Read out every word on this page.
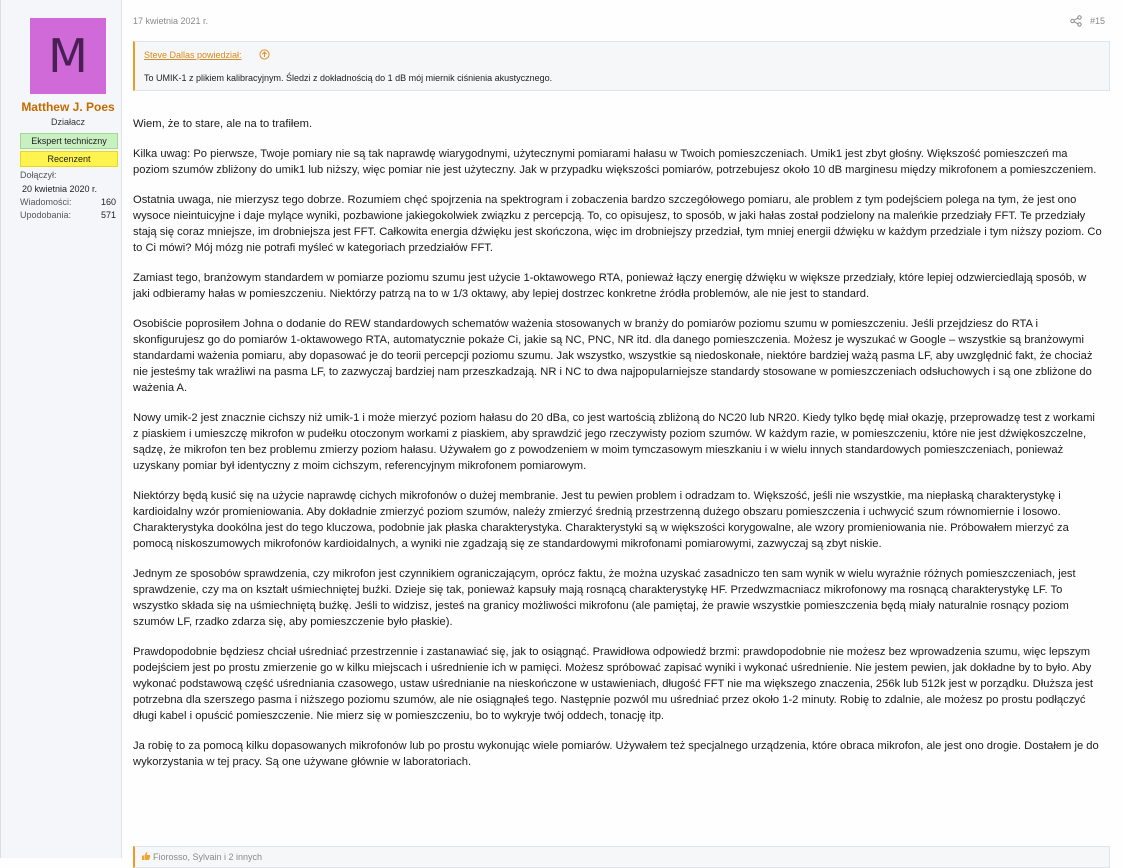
M
Matthew J. Poes
Działacz
Ekspert techniczny
Recenzent
Dołączył:
20 kwietnia 2020 r.
Wiadomości:	160
Upodobania:	571
17 kwietnia 2021 r.	#15
Steve Dallas powiedział:
To UMIK-1 z plikiem kalibracyjnym. Śledzi z dokładnością do 1 dB mój miernik ciśnienia akustycznego.

Wiem, że to stare, ale na to trafiłem.

Kilka uwag: Po pierwsze, Twoje pomiary nie są tak naprawdę wiarygodnymi, użytecznymi pomiarami hałasu w Twoich pomieszczeniach. Umik1 jest zbyt głośny. Większość pomieszczeń ma poziom szumów zbliżony do umik1 lub niższy, więc pomiar nie jest użyteczny. Jak w przypadku większości pomiarów, potrzebujesz około 10 dB marginesu między mikrofonem a pomieszczeniem.

Ostatnia uwaga, nie mierzysz tego dobrze. Rozumiem chęć spojrzenia na spektrogram i zobaczenia bardzo szczegółowego pomiaru, ale problem z tym podejściem polega na tym, że jest ono wysoce nieintuicyjne i daje mylące wyniki, pozbawione jakiegokolwiek związku z percepcją. To, co opisujesz, to sposób, w jaki hałas został podzielony na maleńkie przedziały FFT. Te przedziały stają się coraz mniejsze, im drobniejsza jest FFT. Całkowita energia dźwięku jest skończona, więc im drobniejszy przedział, tym mniej energii dźwięku w każdym przedziale i tym niższy poziom. Co to Ci mówi? Mój mózg nie potrafi myśleć w kategoriach przedziałów FFT.

Zamiast tego, branżowym standardem w pomiarze poziomu szumu jest użycie 1-oktawowego RTA, ponieważ łączy energię dźwięku w większe przedziały, które lepiej odzwierciedlają sposób, w jaki odbieramy hałas w pomieszczeniu. Niektórzy patrzą na to w 1/3 oktawy, aby lepiej dostrzec konkretne źródła problemów, ale nie jest to standard.

Osobiście poprosiłem Johna o dodanie do REW standardowych schematów ważenia stosowanych w branży do pomiarów poziomu szumu w pomieszczeniu. Jeśli przejdziesz do RTA i skonfigurujesz go do pomiarów 1-oktawowego RTA, automatycznie pokaże Ci, jakie są NC, PNC, NR itd. dla danego pomieszczenia. Możesz je wyszukać w Google – wszystkie są branżowymi standardami ważenia pomiaru, aby dopasować je do teorii percepcji poziomu szumu. Jak wszystko, wszystkie są niedoskonałe, niektóre bardziej ważą pasma LF, aby uwzględnić fakt, że chociaż nie jesteśmy tak wrażliwi na pasma LF, to zazwyczaj bardziej nam przeszkadzają. NR i NC to dwa najpopularniejsze standardy stosowane w pomieszczeniach odsłuchowych i są one zbliżone do ważenia A.

Nowy umik-2 jest znacznie cichszy niż umik-1 i może mierzyć poziom hałasu do 20 dBa, co jest wartością zbliżoną do NC20 lub NR20. Kiedy tylko będę miał okazję, przeprowadzę test z workami z piaskiem i umieszczę mikrofon w pudełku otoczonym workami z piaskiem, aby sprawdzić jego rzeczywisty poziom szumów. W każdym razie, w pomieszczeniu, które nie jest dźwiękoszczelne, sądzę, że mikrofon ten bez problemu zmierzy poziom hałasu. Używałem go z powodzeniem w moim tymczasowym mieszkaniu i w wielu innych standardowych pomieszczeniach, ponieważ uzyskany pomiar był identyczny z moim cichszym, referencyjnym mikrofonem pomiarowym.

Niektórzy będą kusić się na użycie naprawdę cichych mikrofonów o dużej membranie. Jest tu pewien problem i odradzam to. Większość, jeśli nie wszystkie, ma niepłaską charakterystykę i kardioidalny wzór promieniowania. Aby dokładnie zmierzyć poziom szumów, należy zmierzyć średnią przestrzenną dużego obszaru pomieszczenia i uchwycić szum równomiernie i losowo. Charakterystyka dookólna jest do tego kluczowa, podobnie jak płaska charakterystyka. Charakterystyki są w większości korygowalne, ale wzory promieniowania nie. Próbowałem mierzyć za pomocą niskoszumowych mikrofonów kardioidalnych, a wyniki nie zgadzają się ze standardowymi mikrofonami pomiarowymi, zazwyczaj są zbyt niskie.

Jednym ze sposobów sprawdzenia, czy mikrofon jest czynnikiem ograniczającym, oprócz faktu, że można uzyskać zasadniczo ten sam wynik w wielu wyraźnie różnych pomieszczeniach, jest sprawdzenie, czy ma on kształt uśmiechniętej buźki. Dzieje się tak, ponieważ kapsuły mają rosnącą charakterystykę HF. Przedwzmacniacz mikrofonowy ma rosnącą charakterystykę LF. To wszystko składa się na uśmiechniętą buźkę. Jeśli to widzisz, jesteś na granicy możliwości mikrofonu (ale pamiętaj, że prawie wszystkie pomieszczenia będą miały naturalnie rosnący poziom szumów LF, rzadko zdarza się, aby pomieszczenie było płaskie).

Prawdopodobnie będziesz chciał uśredniać przestrzennie i zastanawiać się, jak to osiągnąć. Prawidłowa odpowiedź brzmi: prawdopodobnie nie możesz bez wprowadzenia szumu, więc lepszym podejściem jest po prostu zmierzenie go w kilku miejscach i uśrednienie ich w pamięci. Możesz spróbować zapisać wyniki i wykonać uśrednienie. Nie jestem pewien, jak dokładne by to było. Aby wykonać podstawową część uśredniania czasowego, ustaw uśrednianie na nieskończone w ustawieniach, długość FFT nie ma większego znaczenia, 256k lub 512k jest w porządku. Dłuższa jest potrzebna dla szerszego pasma i niższego poziomu szumów, ale nie osiągnąłeś tego. Następnie pozwól mu uśredniać przez około 1-2 minuty. Robię to zdalnie, ale możesz po prostu podłączyć długi kabel i opuścić pomieszczenie. Nie mierz się w pomieszczeniu, bo to wykryje twój oddech, tonację itp.

Ja robię to za pomocą kilku dopasowanych mikrofonów lub po prostu wykonując wiele pomiarów. Używałem też specjalnego urządzenia, które obraca mikrofon, ale jest ono drogie. Dostałem je do wykorzystania w tej pracy. Są one używane głównie w laboratoriach.

Fiorosso, Sylvain i 2 innych
